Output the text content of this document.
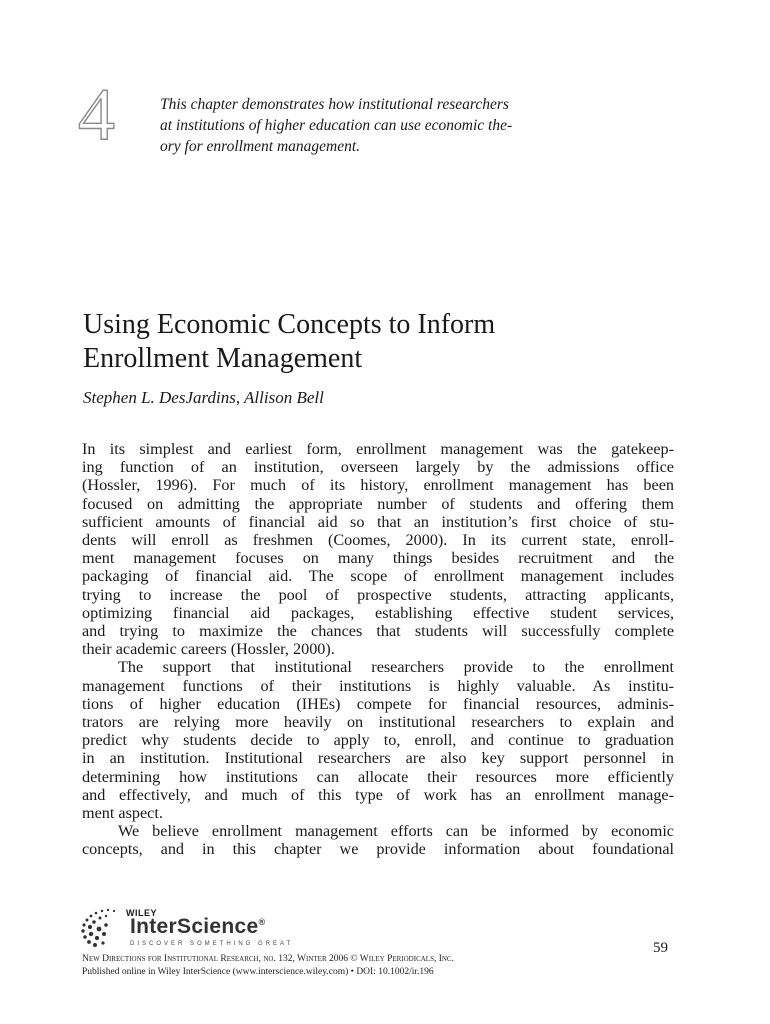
4	This chapter demonstrates how institutional researchers
at institutions of higher education can use economic the-
ory for enrollment management.
Using Economic Concepts to Inform
Enrollment Management
Stephen L. DesJardins, Allison Bell
In its simplest and earliest form, enrollment management was the gatekeep-
ing function of an institution, overseen largely by the admissions office
(Hossler, 1996). For much of its history, enrollment management has been
focused on admitting the appropriate number of students and offering them
sufficient amounts of financial aid so that an institution’s first choice of stu-
dents will enroll as freshmen (Coomes, 2000). In its current state, enroll-
ment management focuses on many things besides recruitment and the
packaging of financial aid. The scope of enrollment management includes
trying to increase the pool of prospective students, attracting applicants,
optimizing financial aid packages, establishing effective student services,
and trying to maximize the chances that students will successfully complete
their academic careers (Hossler, 2000).
The support that institutional researchers provide to the enrollment
management functions of their institutions is highly valuable. As institu-
tions of higher education (IHEs) compete for financial resources, adminis-
trators are relying more heavily on institutional researchers to explain and
predict why students decide to apply to, enroll, and continue to graduation
in an institution. Institutional researchers are also key support personnel in
determining how institutions can allocate their resources more efficiently
and effectively, and much of this type of work has an enrollment manage-
ment aspect.
We believe enrollment management efforts can be informed by economic
concepts, and in this chapter we provide information about foundational
WILEY
InterScience®
DISCOVER SOMETHING GREAT	59
New Directions for Institutional Research, no. 132, Winter 2006 © Wiley Periodicals, Inc.
Published online in Wiley InterScience (www.interscience.wiley.com) • DOI: 10.1002/ir.196
